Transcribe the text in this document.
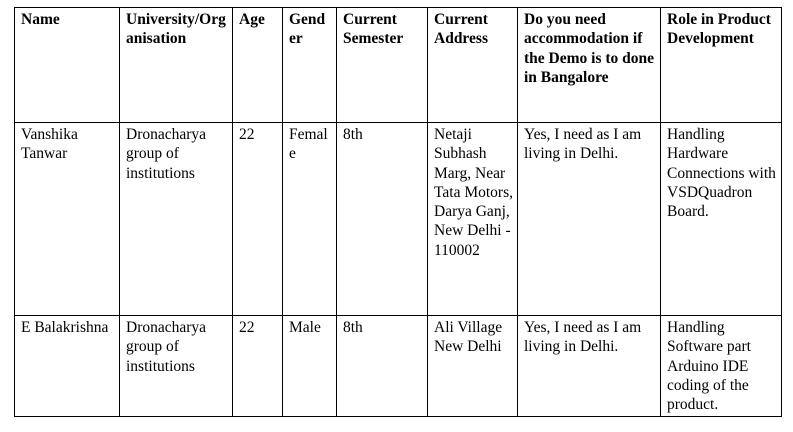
Name	University/Organisation	Age	Gender	Current Semester	Current Address	Do you need accommodation if the Demo is to done in Bangalore	Role in Product Development
Vanshika Tanwar	Dronacharya group of institutions	22	Female	8th	Netaji Subhash Marg, Near Tata Motors, Darya Ganj, New Delhi - 110002	Yes, I need as I am living in Delhi.	Handling Hardware Connections with VSDQuadron Board.
E Balakrishna	Dronacharya group of institutions	22	Male	8th	Ali Village New Delhi	Yes, I need as I am living in Delhi.	Handling Software part Arduino IDE coding of the product.
